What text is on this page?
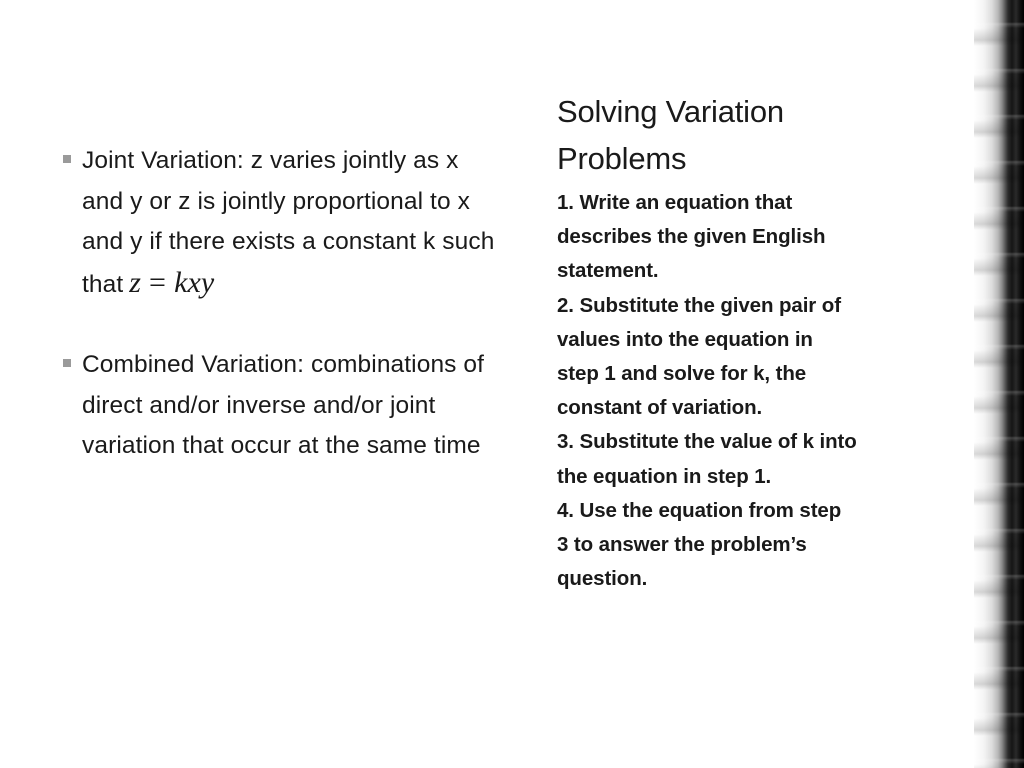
Joint Variation: z varies jointly as x and y or z is jointly proportional to x and y if there exists a constant k such that z = kxy
Combined Variation: combinations of direct and/or inverse and/or joint variation that occur at the same time
Solving Variation Problems

1. Write an equation that describes the given English statement.

2. Substitute the given pair of values into the equation in step 1 and solve for k, the constant of variation.

3. Substitute the value of k into the equation in step 1.

4. Use the equation from step 3 to answer the problem’s question.
